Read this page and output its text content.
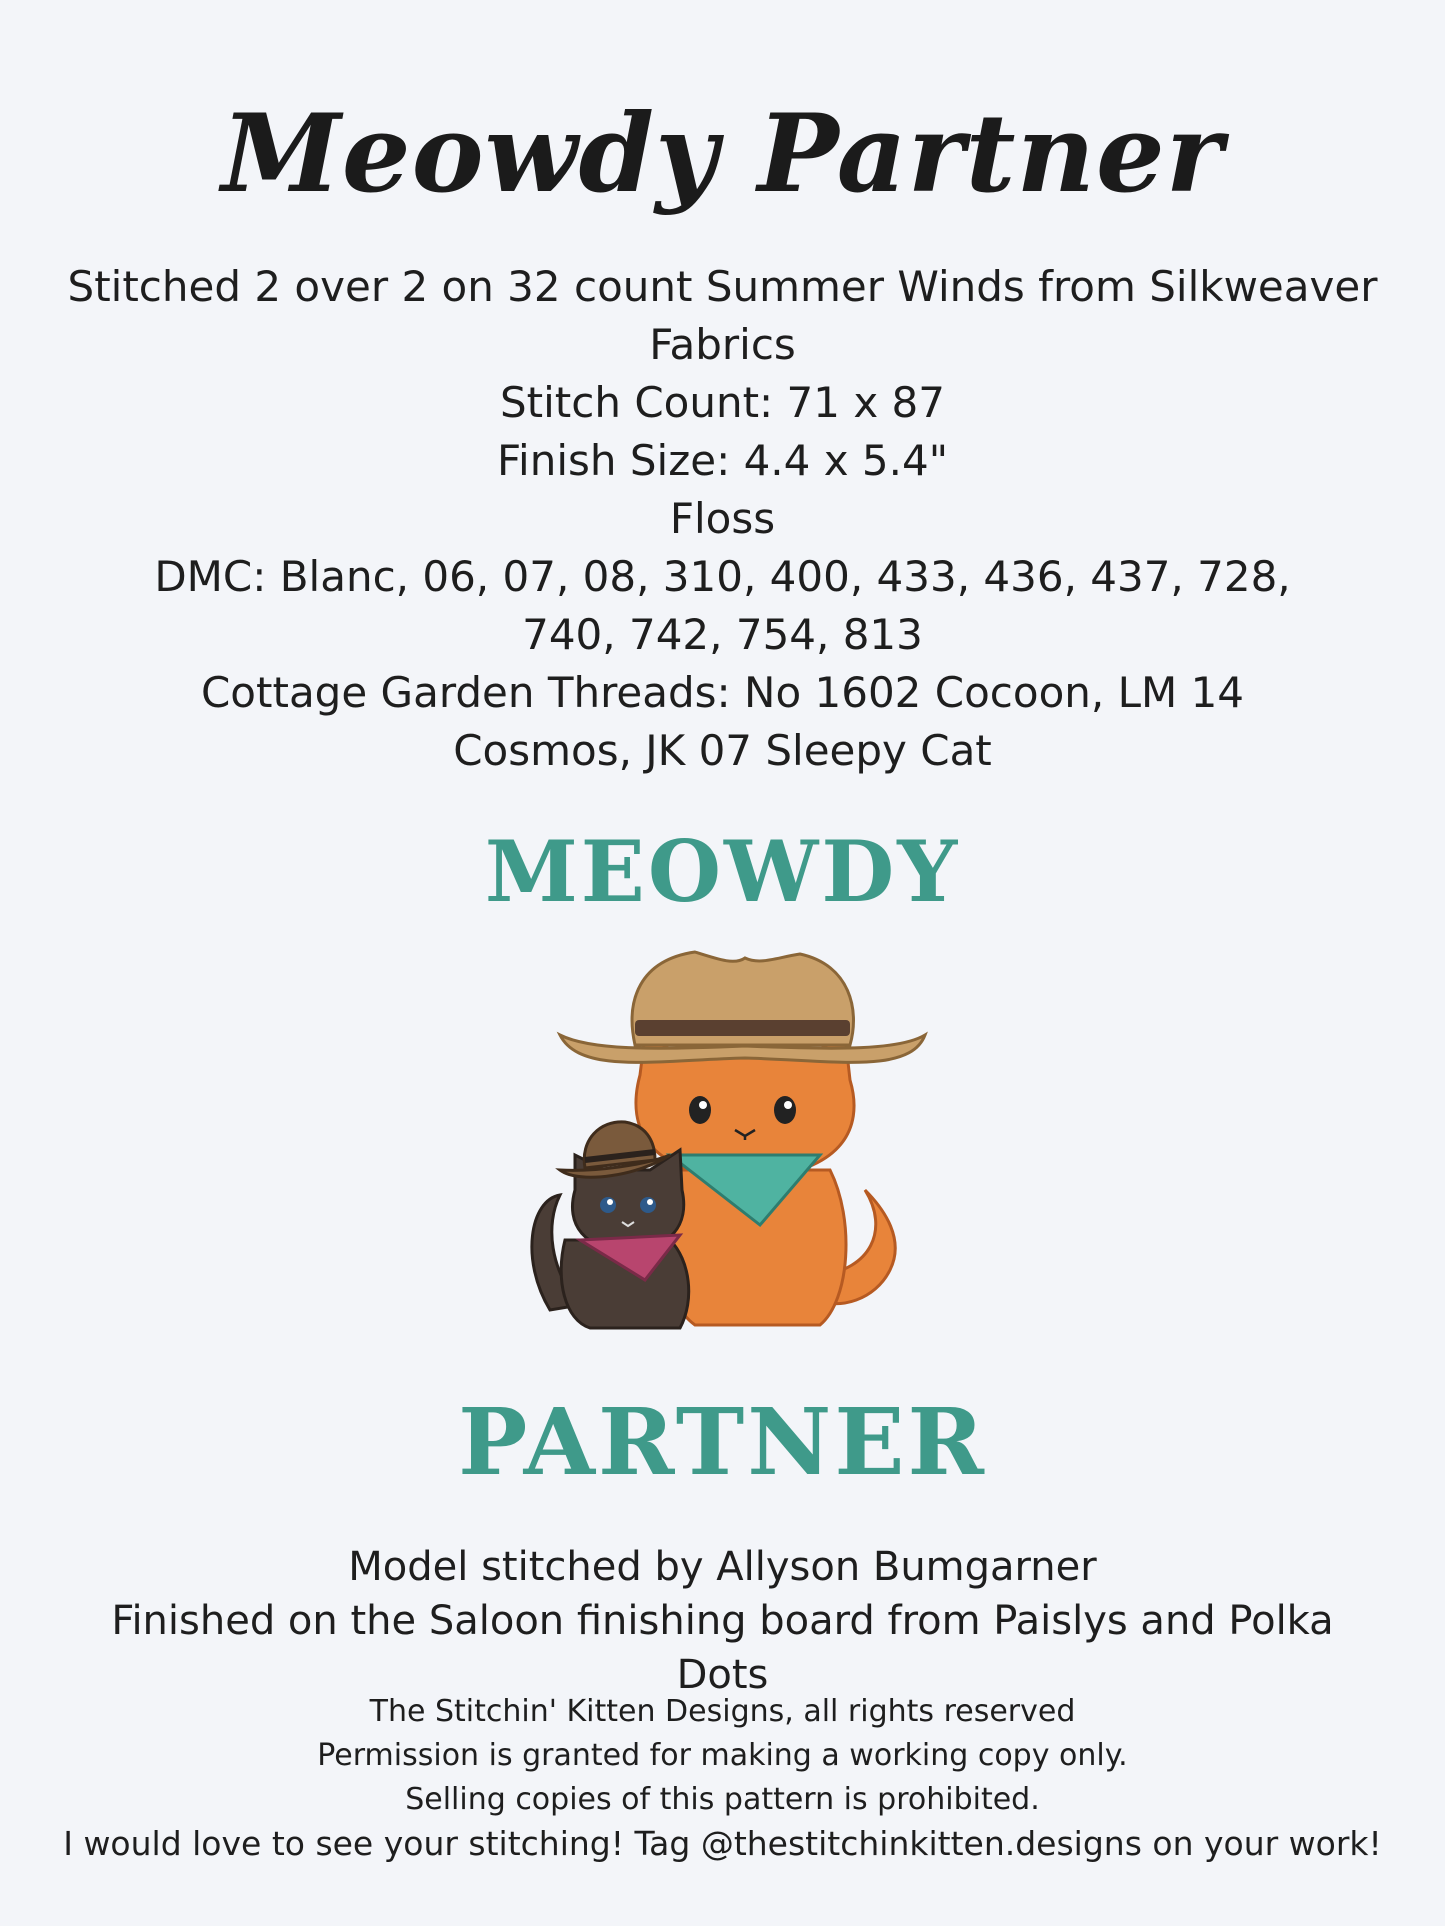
Meowdy Partner
Stitched 2 over 2 on 32 count Summer Winds from Silkweaver
Fabrics
Stitch Count: 71 x 87
Finish Size: 4.4 x 5.4"
Floss
DMC: Blanc, 06, 07, 08, 310, 400, 433, 436, 437, 728,
740, 742, 754, 813
Cottage Garden Threads: No 1602 Cocoon, LM 14
Cosmos, JK 07 Sleepy Cat
MEOWDY
PARTNER
Model stitched by Allyson Bumgarner
Finished on the Saloon finishing board from Paislys and Polka
Dots
The Stitchin' Kitten Designs, all rights reserved
Permission is granted for making a working copy only.
Selling copies of this pattern is prohibited.
I would love to see your stitching! Tag @thestitchinkitten.designs on your work!
